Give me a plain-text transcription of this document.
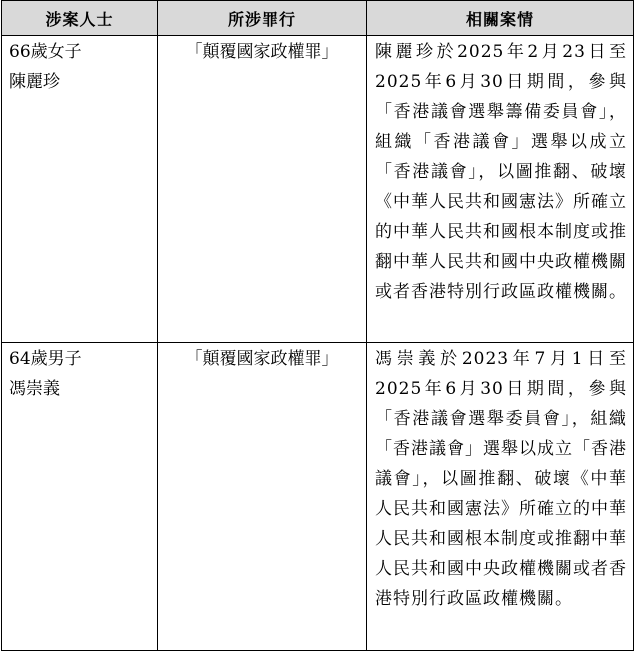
涉案人士	所涉罪行	相關案情

66歲女子
陳麗珍	「顛覆國家政權罪」	陳麗珍於2025年2月23日至2025年6月30日期間，參與「香港議會選舉籌備委員會」，組織「香港議會」選舉以成立「香港議會」，以圖推翻、破壞《中華人民共和國憲法》所確立的中華人民共和國根本制度或推翻中華人民共和國中央政權機關或者香港特別行政區政權機關。

64歲男子
馮崇義	「顛覆國家政權罪」	馮崇義於2023年7月1日至2025年6月30日期間，參與「香港議會選舉委員會」，組織「香港議會」選舉以成立「香港議會」，以圖推翻、破壞《中華人民共和國憲法》所確立的中華人民共和國根本制度或推翻中華人民共和國中央政權機關或者香港特別行政區政權機關。
